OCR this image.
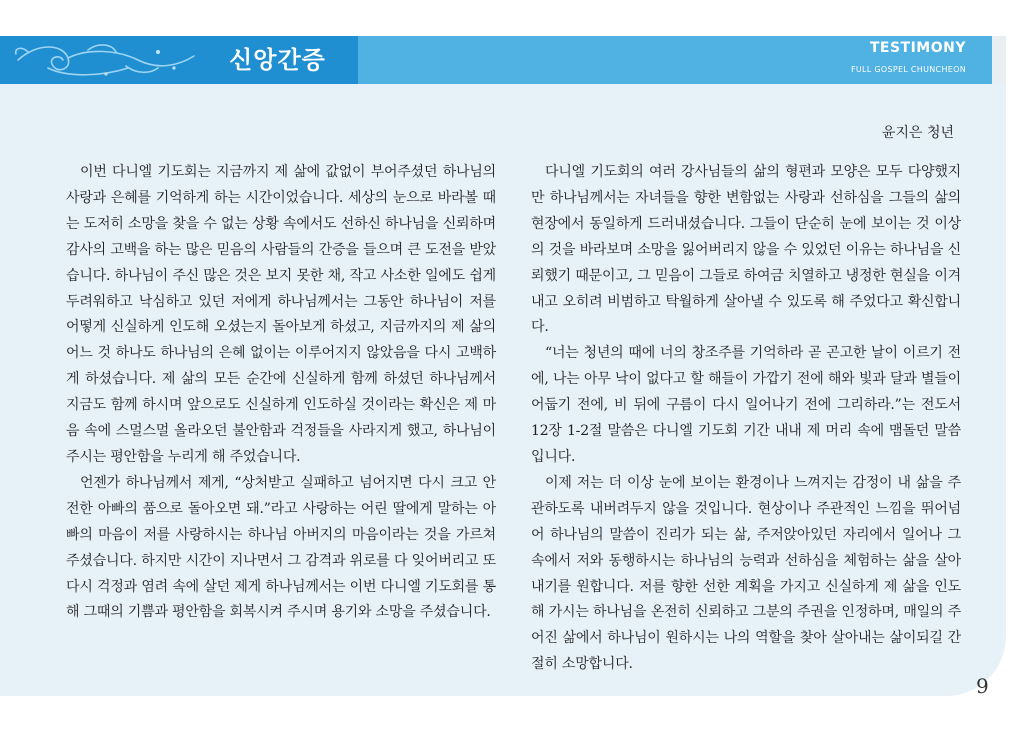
신앙간증	TESTIMONY
FULL GOSPEL CHUNCHEON
윤지은 청년

이번 다니엘 기도회는 지금까지 제 삶에 값없이 부어주셨던 하나님의 사랑과 은혜를 기억하게 하는 시간이었습니다. 세상의 눈으로 바라볼 때는 도저히 소망을 찾을 수 없는 상황 속에서도 선하신 하나님을 신뢰하며 감사의 고백을 하는 많은 믿음의 사람들의 간증을 들으며 큰 도전을 받았습니다. 하나님이 주신 많은 것은 보지 못한 채, 작고 사소한 일에도 쉽게 두려워하고 낙심하고 있던 저에게 하나님께서는 그동안 하나님이 저를 어떻게 신실하게 인도해 오셨는지 돌아보게 하셨고, 지금까지의 제 삶의 어느 것 하나도 하나님의 은혜 없이는 이루어지지 않았음을 다시 고백하게 하셨습니다. 제 삶의 모든 순간에 신실하게 함께 하셨던 하나님께서 지금도 함께 하시며 앞으로도 신실하게 인도하실 것이라는 확신은 제 마음 속에 스멀스멀 올라오던 불안함과 걱정들을 사라지게 했고, 하나님이 주시는 평안함을 누리게 해 주었습니다.

언젠가 하나님께서 제게, “상처받고 실패하고 넘어지면 다시 크고 안전한 아빠의 품으로 돌아오면 돼.”라고 사랑하는 어린 딸에게 말하는 아빠의 마음이 저를 사랑하시는 하나님 아버지의 마음이라는 것을 가르쳐주셨습니다. 하지만 시간이 지나면서 그 감격과 위로를 다 잊어버리고 또다시 걱정과 염려 속에 살던 제게 하나님께서는 이번 다니엘 기도회를 통해 그때의 기쁨과 평안함을 회복시켜 주시며 용기와 소망을 주셨습니다.

다니엘 기도회의 여러 강사님들의 삶의 형편과 모양은 모두 다양했지만 하나님께서는 자녀들을 향한 변함없는 사랑과 선하심을 그들의 삶의 현장에서 동일하게 드러내셨습니다. 그들이 단순히 눈에 보이는 것 이상의 것을 바라보며 소망을 잃어버리지 않을 수 있었던 이유는 하나님을 신뢰했기 때문이고, 그 믿음이 그들로 하여금 치열하고 냉정한 현실을 이겨내고 오히려 비범하고 탁월하게 살아낼 수 있도록 해 주었다고 확신합니다.

“너는 청년의 때에 너의 창조주를 기억하라 곧 곤고한 날이 이르기 전에, 나는 아무 낙이 없다고 할 해들이 가깝기 전에 해와 빛과 달과 별들이 어둡기 전에, 비 뒤에 구름이 다시 일어나기 전에 그리하라.”는 전도서 12장 1-2절 말씀은 다니엘 기도회 기간 내내 제 머리 속에 맴돌던 말씀입니다.

이제 저는 더 이상 눈에 보이는 환경이나 느껴지는 감정이 내 삶을 주관하도록 내버려두지 않을 것입니다. 현상이나 주관적인 느낌을 뛰어넘어 하나님의 말씀이 진리가 되는 삶, 주저앉아있던 자리에서 일어나 그 속에서 저와 동행하시는 하나님의 능력과 선하심을 체험하는 삶을 살아내기를 원합니다. 저를 향한 선한 계획을 가지고 신실하게 제 삶을 인도해 가시는 하나님을 온전히 신뢰하고 그분의 주권을 인정하며, 매일의 주어진 삶에서 하나님이 원하시는 나의 역할을 찾아 살아내는 삶이되길 간절히 소망합니다.

9
